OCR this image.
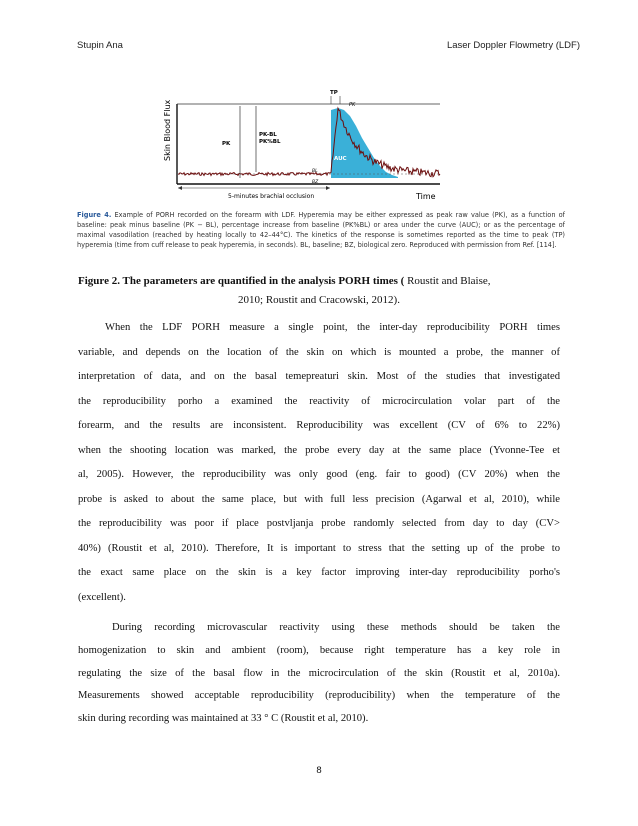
Stupin Ana	Laser Doppler Flowmetry (LDF)
Skin Blood Flux	PK
PK-BL
PK%BL
TP
PK
AUC
BL
BZ
5-minutes brachial occlusion	Time
Figure 4. Example of PORH recorded on the forearm with LDF. Hyperemia may be either expressed as peak raw value (PK), as a function of baseline: peak minus baseline (PK − BL), percentage increase from baseline (PK%BL) or area under the curve (AUC); or as the percentage of maximal vasodilation (reached by heating locally to 42–44°C). The kinetics of the response is sometimes reported as the time to peak (TP) hyperemia (time from cuff release to peak hyperemia, in seconds). BL, baseline; BZ, biological zero. Reproduced with permission from Ref. [114].
Figure 2. The parameters are quantified in the analysis PORH times ( Roustit and Blaise,
2010; Roustit and Cracowski, 2012).
When the LDF PORH measure a single point, the inter-day reproducibility PORH times
variable, and depends on the location of the skin on which is mounted a probe, the manner of
interpretation of data, and on the basal temepreaturi skin. Most of the studies that investigated
the reproducibility porho a examined the reactivity of microcirculation volar part of the
forearm, and the results are inconsistent. Reproducibility was excellent (CV of 6% to 22%)
when the shooting location was marked, the probe every day at the same place (Yvonne-Tee et
al, 2005). However, the reproducibility was only good (eng. fair to good) (CV 20%) when the
probe is asked to about the same place, but with full less precision (Agarwal et al, 2010), while
the reproducibility was poor if place postvljanja probe randomly selected from day to day (CV>
40%) (Roustit et al, 2010). Therefore, It is important to stress that the setting up of the probe to
the exact same place on the skin is a key factor improving inter-day reproducibility porho's
(excellent).
During recording microvascular reactivity using these methods should be taken the
homogenization to skin and ambient (room), because right temperature has a key role in
regulating the size of the basal flow in the microcirculation of the skin (Roustit et al, 2010a).
Measurements showed acceptable reproducibility (reproducibility) when the temperature of the
skin during recording was maintained at 33 ° C (Roustit et al, 2010).
8
